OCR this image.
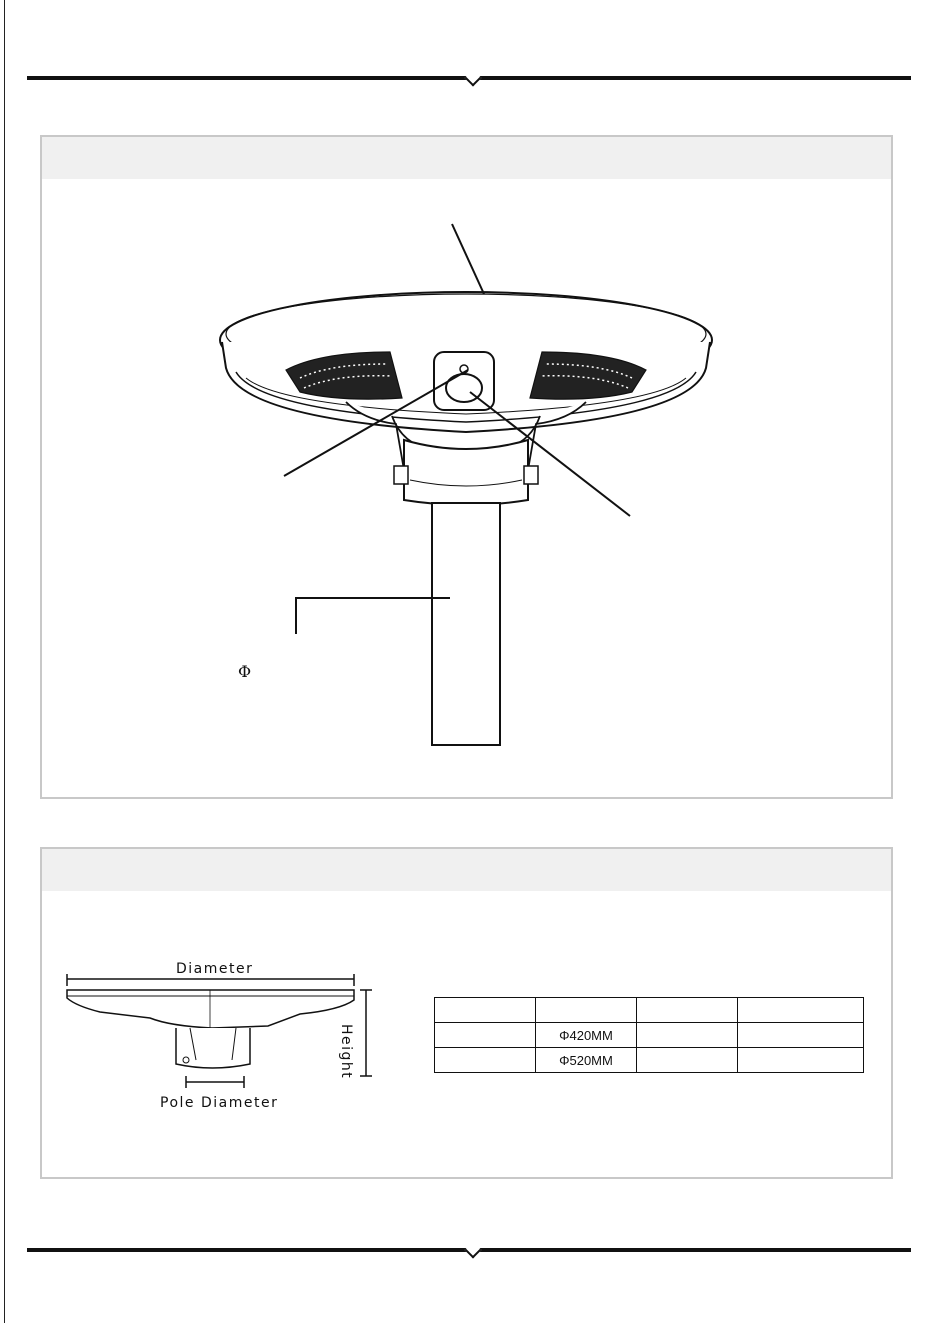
Φ
Diameter
Height
Pole Diameter

	Φ420MM		
	Φ520MM		
